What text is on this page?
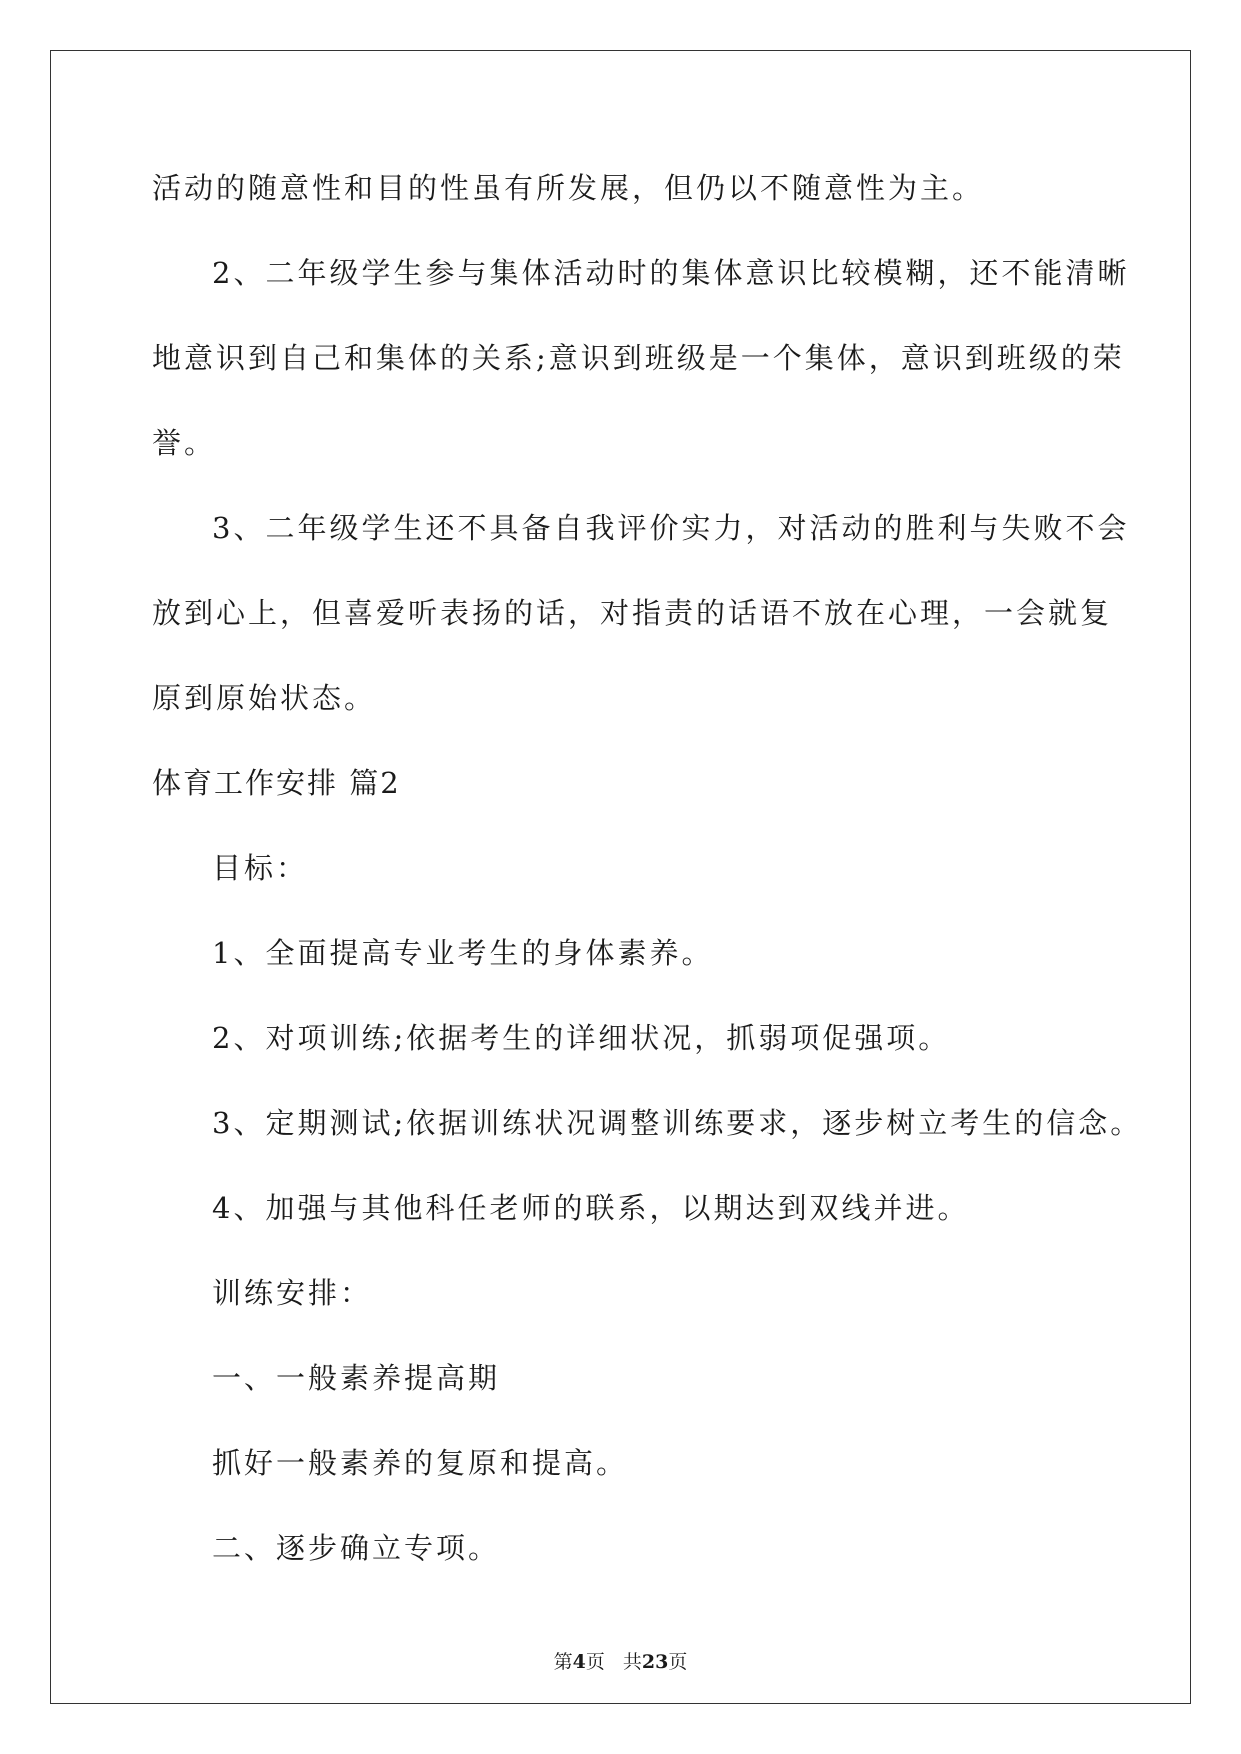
活动的随意性和目的性虽有所发展，但仍以不随意性为主。
2、二年级学生参与集体活动时的集体意识比较模糊，还不能清晰
地意识到自己和集体的关系;意识到班级是一个集体，意识到班级的荣
誉。
3、二年级学生还不具备自我评价实力，对活动的胜利与失败不会
放到心上，但喜爱听表扬的话，对指责的话语不放在心理，一会就复
原到原始状态。
体育工作安排 篇2
目标：
1、全面提高专业考生的身体素养。
2、对项训练;依据考生的详细状况，抓弱项促强项。
3、定期测试;依据训练状况调整训练要求，逐步树立考生的信念。
4、加强与其他科任老师的联系，以期达到双线并进。
训练安排：
一、一般素养提高期
抓好一般素养的复原和提高。
二、逐步确立专项。
第4页 共23页
